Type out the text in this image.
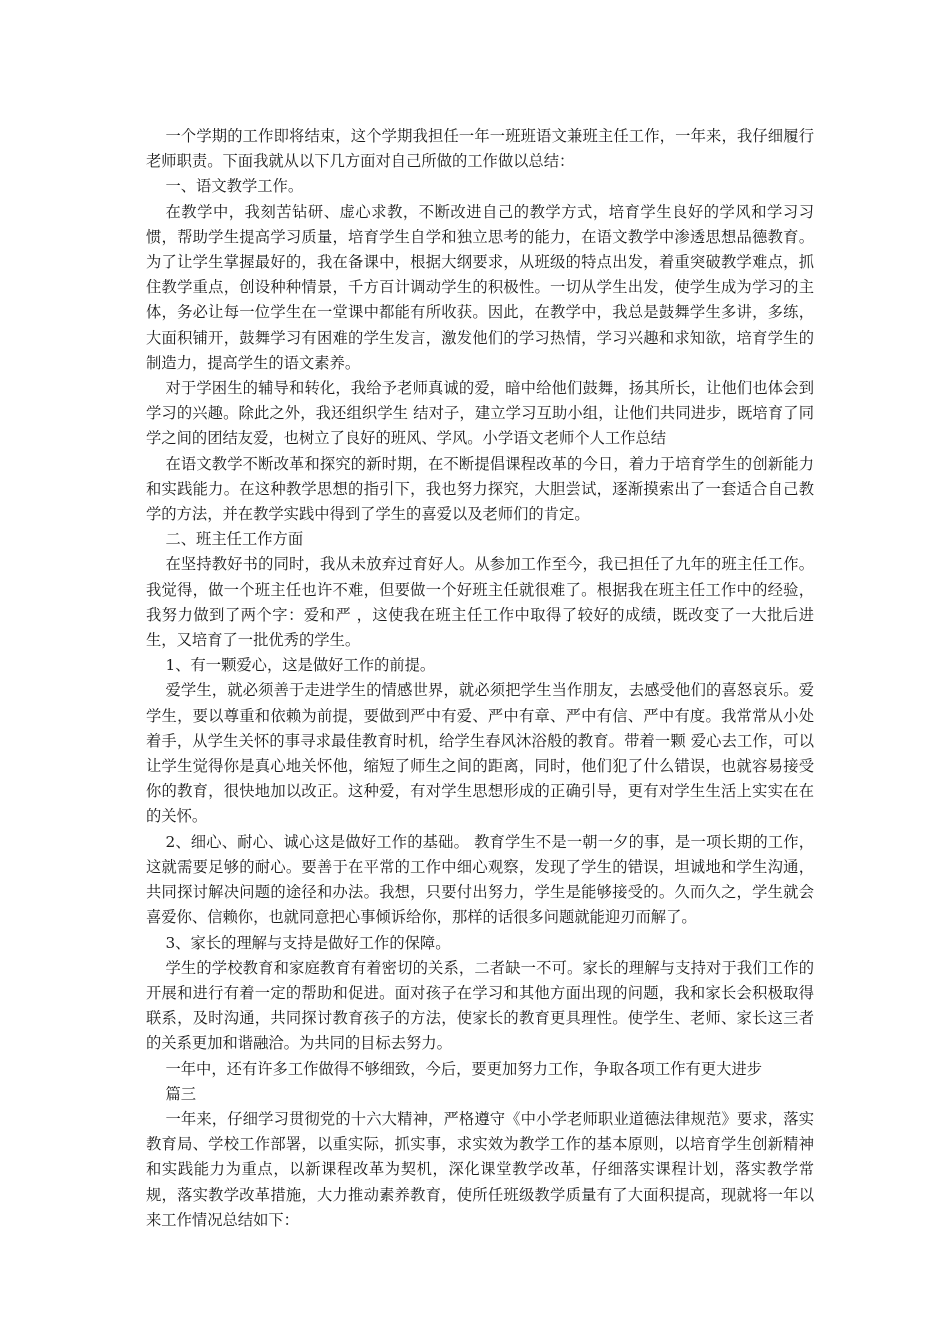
一个学期的工作即将结束，这个学期我担任一年一班班语文兼班主任工作，一年来，我仔细履行老师职责。下面我就从以下几方面对自己所做的工作做以总结：

一、语文教学工作。

在教学中，我刻苦钻研、虚心求教，不断改进自己的教学方式，培育学生良好的学风和学习习惯，帮助学生提高学习质量，培育学生自学和独立思考的能力，在语文教学中渗透思想品德教育。为了让学生掌握最好的，我在备课中，根据大纲要求，从班级的特点出发，着重突破教学难点，抓住教学重点，创设种种情景，千方百计调动学生的积极性。一切从学生出发，使学生成为学习的主体，务必让每一位学生在一堂课中都能有所收获。因此，在教学中，我总是鼓舞学生多讲，多练，大面积铺开，鼓舞学习有困难的学生发言，激发他们的学习热情，学习兴趣和求知欲，培育学生的制造力，提高学生的语文素养。

对于学困生的辅导和转化，我给予老师真诚的爱，暗中给他们鼓舞，扬其所长，让他们也体会到学习的兴趣。除此之外，我还组织学生 结对子，建立学习互助小组，让他们共同进步，既培育了同学之间的团结友爱，也树立了良好的班风、学风。小学语文老师个人工作总结

在语文教学不断改革和探究的新时期，在不断提倡课程改革的今日，着力于培育学生的创新能力和实践能力。在这种教学思想的指引下，我也努力探究，大胆尝试，逐渐摸索出了一套适合自己教学的方法，并在教学实践中得到了学生的喜爱以及老师们的肯定。

二、班主任工作方面

在坚持教好书的同时，我从未放弃过育好人。从参加工作至今，我已担任了九年的班主任工作。我觉得，做一个班主任也许不难，但要做一个好班主任就很难了。根据我在班主任工作中的经验，我努力做到了两个字：爱和严 ，这使我在班主任工作中取得了较好的成绩，既改变了一大批后进生，又培育了一批优秀的学生。

1、有一颗爱心，这是做好工作的前提。

爱学生，就必须善于走进学生的情感世界，就必须把学生当作朋友，去感受他们的喜怒哀乐。爱学生，要以尊重和依赖为前提，要做到严中有爱、严中有章、严中有信、严中有度。我常常从小处着手，从学生关怀的事寻求最佳教育时机，给学生春风沐浴般的教育。带着一颗 爱心去工作，可以让学生觉得你是真心地关怀他，缩短了师生之间的距离，同时，他们犯了什么错误，也就容易接受你的教育，很快地加以改正。这种爱，有对学生思想形成的正确引导，更有对学生生活上实实在在的关怀。

2、细心、耐心、诚心这是做好工作的基础。 教育学生不是一朝一夕的事，是一项长期的工作，这就需要足够的耐心。要善于在平常的工作中细心观察，发现了学生的错误，坦诚地和学生沟通，共同探讨解决问题的途径和办法。我想，只要付出努力，学生是能够接受的。久而久之，学生就会喜爱你、信赖你，也就同意把心事倾诉给你，那样的话很多问题就能迎刃而解了。

3、家长的理解与支持是做好工作的保障。

学生的学校教育和家庭教育有着密切的关系，二者缺一不可。家长的理解与支持对于我们工作的开展和进行有着一定的帮助和促进。面对孩子在学习和其他方面出现的问题，我和家长会积极取得联系，及时沟通，共同探讨教育孩子的方法，使家长的教育更具理性。使学生、老师、家长这三者的关系更加和谐融洽。为共同的目标去努力。

一年中，还有许多工作做得不够细致，今后，要更加努力工作，争取各项工作有更大进步

篇三

一年来，仔细学习贯彻党的十六大精神，严格遵守《中小学老师职业道德法律规范》要求，落实教育局、学校工作部署，以重实际，抓实事，求实效为教学工作的基本原则，以培育学生创新精神和实践能力为重点，以新课程改革为契机，深化课堂教学改革，仔细落实课程计划，落实教学常规，落实教学改革措施，大力推动素养教育，使所任班级教学质量有了大面积提高，现就将一年以来工作情况总结如下：
